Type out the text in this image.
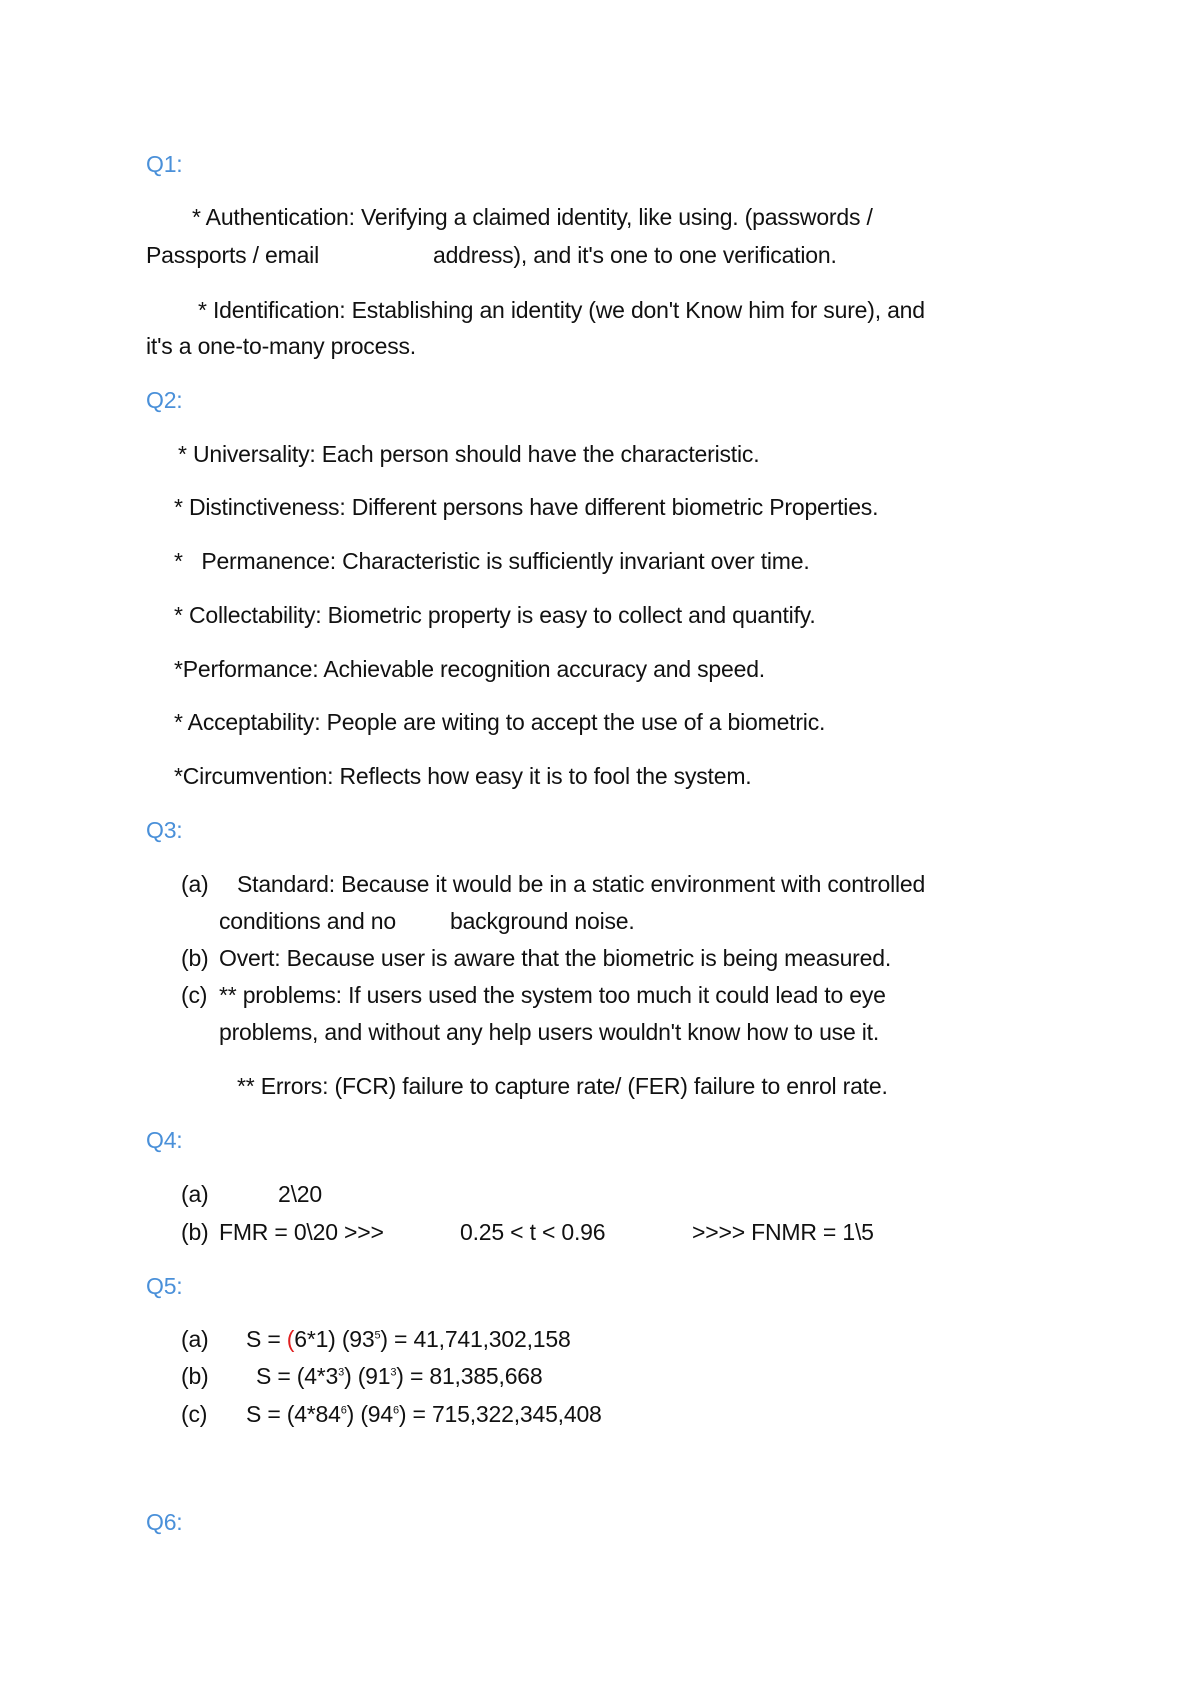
Q1:
* Authentication: Verifying a claimed identity, like using. (passwords /
Passports / email	address), and it's one to one verification.
* Identification: Establishing an identity (we don't Know him for sure), and
it's a one-to-many process.
Q2:
* Universality: Each person should have the characteristic.
* Distinctiveness: Different persons have different biometric Properties.
*   Permanence: Characteristic is sufficiently invariant over time.
* Collectability: Biometric property is easy to collect and quantify.
*Performance: Achievable recognition accuracy and speed.
* Acceptability: People are witing to accept the use of a biometric.
*Circumvention: Reflects how easy it is to fool the system.
Q3:
(a) Standard: Because it would be in a static environment with controlled
conditions and no background noise.
(b) Overt: Because user is aware that the biometric is being measured.
(c) ** problems: If users used the system too much it could lead to eye
problems, and without any help users wouldn't know how to use it.
** Errors: (FCR) failure to capture rate/ (FER) failure to enrol rate.
Q4:
(a)	2\20
(b) FMR = 0\20 >>>	0.25 < t < 0.96	>>>> FNMR = 1\5
Q5:
(a) S = (6*1) $(93^5) = 41,741,302,158$
(b) $S = (4*3^3) (91^3) = 81,385,668$
(c) $S = (4*84^6) (94^6) = 715,322,345,408$
Q6:
